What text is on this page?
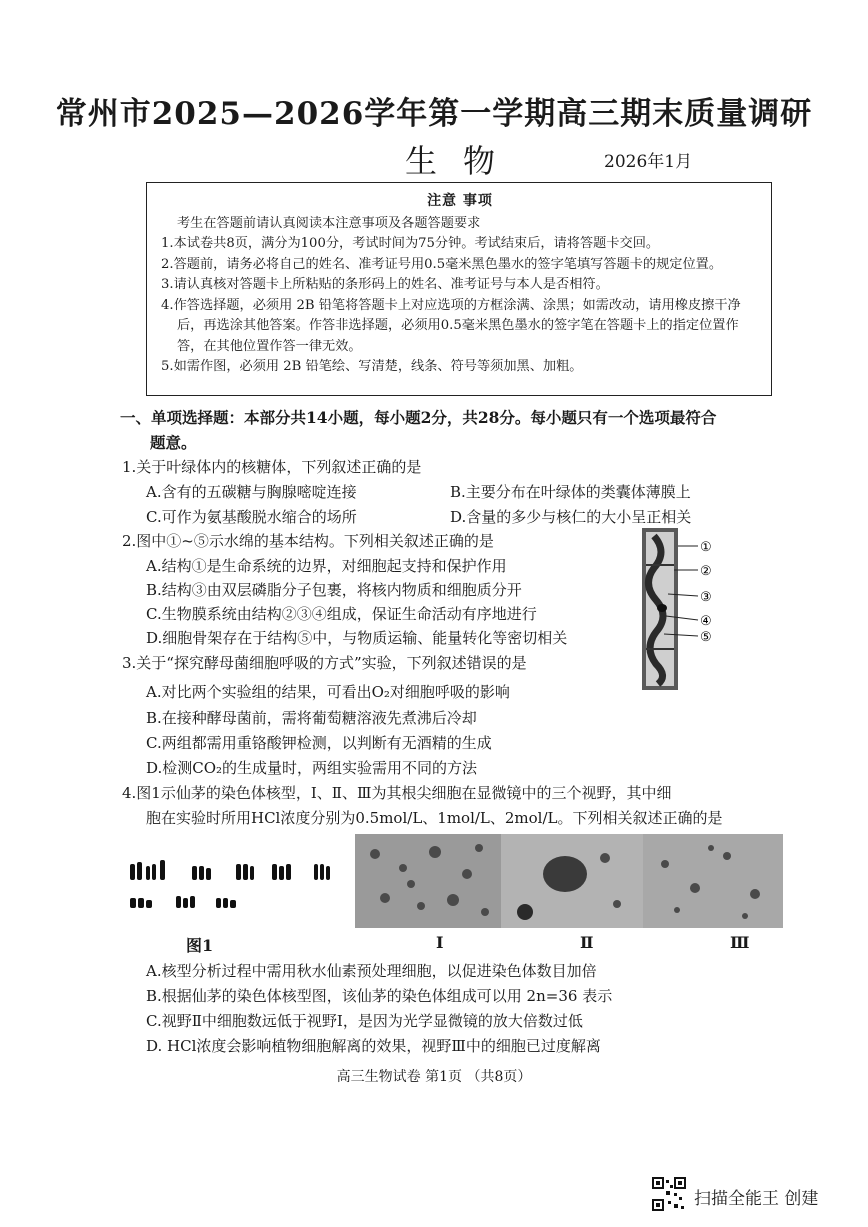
常州市2025—2026学年第一学期高三期末质量调研
生物	2026年1月
注意 事项
考生在答题前请认真阅读本注意事项及各题答题要求
1.本试卷共8页，满分为100分，考试时间为75分钟。考试结束后，请将答题卡交回。
2.答题前，请务必将自己的姓名、准考证号用0.5毫米黑色墨水的签字笔填写答题卡的规定位置。
3.请认真核对答题卡上所粘贴的条形码上的姓名、准考证号与本人是否相符。
4.作答选择题，必须用 2B 铅笔将答题卡上对应选项的方框涂满、涂黑；如需改动，请用橡皮擦干净后，再选涂其他答案。作答非选择题，必须用0.5毫米黑色墨水的签字笔在答题卡上的指定位置作答，在其他位置作答一律无效。
5.如需作图，必须用 2B 铅笔绘、写清楚，线条、符号等须加黑、加粗。
一、单项选择题：本部分共14小题，每小题2分，共28分。每小题只有一个选项最符合
题意。
1.关于叶绿体内的核糖体，下列叙述正确的是
A.含有的五碳糖与胸腺嘧啶连接	B.主要分布在叶绿体的类囊体薄膜上
C.可作为氨基酸脱水缩合的场所	D.含量的多少与核仁的大小呈正相关
2.图中①~⑤示水绵的基本结构。下列相关叙述正确的是
A.结构①是生命系统的边界，对细胞起支持和保护作用
B.结构③由双层磷脂分子包裹，将核内物质和细胞质分开
C.生物膜系统由结构②③④组成，保证生命活动有序地进行
D.细胞骨架存在于结构⑤中，与物质运输、能量转化等密切相关
①
②
③
④
⑤
3.关于“探究酵母菌细胞呼吸的方式”实验，下列叙述错误的是
A.对比两个实验组的结果，可看出O₂对细胞呼吸的影响
B.在接种酵母菌前，需将葡萄糖溶液先煮沸后冷却
C.两组都需用重铬酸钾检测，以判断有无酒精的生成
D.检测CO₂的生成量时，两组实验需用不同的方法
4.图1示仙茅的染色体核型，Ⅰ、Ⅱ、Ⅲ为其根尖细胞在显微镜中的三个视野，其中细
胞在实验时所用HCl浓度分别为0.5mol/L、1mol/L、2mol/L。下列相关叙述正确的是
图1	Ⅰ	Ⅱ	Ⅲ
A.核型分析过程中需用秋水仙素预处理细胞，以促进染色体数目加倍
B.根据仙茅的染色体核型图，该仙茅的染色体组成可以用 2n=36 表示
C.视野Ⅱ中细胞数远低于视野Ⅰ，是因为光学显微镜的放大倍数过低
D. HCl浓度会影响植物细胞解离的效果，视野Ⅲ中的细胞已过度解离
高三生物试卷 第1页 （共8页）
扫描全能王 创建
